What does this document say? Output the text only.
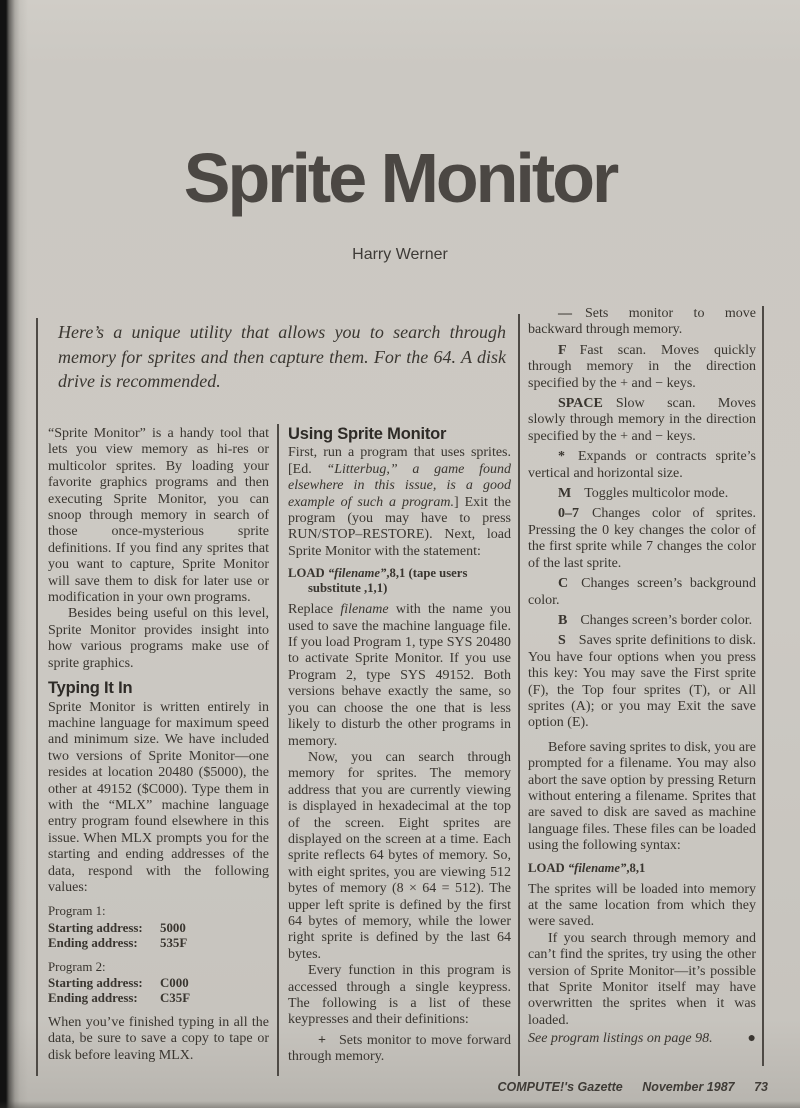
Sprite Monitor
Harry Werner

Here’s a unique utility that allows you to search through memory for sprites and then capture them. For the 64. A disk drive is recommended.

“Sprite Monitor” is a handy tool that lets you view memory as hi-res or multicolor sprites. By loading your favorite graphics programs and then executing Sprite Monitor, you can snoop through memory in search of those once-mysterious sprite definitions. If you find any sprites that you want to capture, Sprite Monitor will save them to disk for later use or modification in your own programs.

Besides being useful on this level, Sprite Monitor provides insight into how various programs make use of sprite graphics.

Typing It In

Sprite Monitor is written entirely in machine language for maximum speed and minimum size. We have included two versions of Sprite Monitor—one resides at location 20480 ($5000), the other at 49152 ($C000). Type them in with the “MLX” machine language entry program found elsewhere in this issue. When MLX prompts you for the starting and ending addresses of the data, respond with the following values:

Program 1:
Starting address: 5000
Ending address: 535F
Program 2:
Starting address: C000
Ending address: C35F

When you’ve finished typing in all the data, be sure to save a copy to tape or disk before leaving MLX.

Using Sprite Monitor

First, run a program that uses sprites. [Ed. “Litterbug,” a game found elsewhere in this issue, is a good example of such a program.] Exit the program (you may have to press RUN/STOP–RESTORE). Next, load Sprite Monitor with the statement:

LOAD “filename”,8,1 (tape users substitute ,1,1)

Replace filename with the name you used to save the machine language file. If you load Program 1, type SYS 20480 to activate Sprite Monitor. If you use Program 2, type SYS 49152. Both versions behave exactly the same, so you can choose the one that is less likely to disturb the other programs in memory.

Now, you can search through memory for sprites. The memory address that you are currently viewing is displayed in hexadecimal at the top of the screen. Eight sprites are displayed on the screen at a time. Each sprite reflects 64 bytes of memory. So, with eight sprites, you are viewing 512 bytes of memory (8 × 64 = 512). The upper left sprite is defined by the first 64 bytes of memory, while the lower right sprite is defined by the last 64 bytes.

Every function in this program is accessed through a single keypress. The following is a list of these keypresses and their definitions:

+ Sets monitor to move forward through memory.

— Sets monitor to move backward through memory.

F Fast scan. Moves quickly through memory in the direction specified by the + and − keys.

SPACE Slow scan. Moves slowly through memory in the direction specified by the + and − keys.

* Expands or contracts sprite’s vertical and horizontal size.

M Toggles multicolor mode.

0–7 Changes color of sprites. Pressing the 0 key changes the color of the first sprite while 7 changes the color of the last sprite.

C Changes screen’s background color.

B Changes screen’s border color.

S Saves sprite definitions to disk. You have four options when you press this key: You may save the First sprite (F), the Top four sprites (T), or All sprites (A); or you may Exit the save option (E).

Before saving sprites to disk, you are prompted for a filename. You may also abort the save option by pressing Return without entering a filename. Sprites that are saved to disk are saved as machine language files. These files can be loaded using the following syntax:

LOAD “filename”,8,1

The sprites will be loaded into memory at the same location from which they were saved.

If you search through memory and can’t find the sprites, try using the other version of Sprite Monitor—it’s possible that Sprite Monitor itself may have overwritten the sprites when it was loaded.

See program listings on page 98. ●

COMPUTE!'s Gazette November 1987 73
